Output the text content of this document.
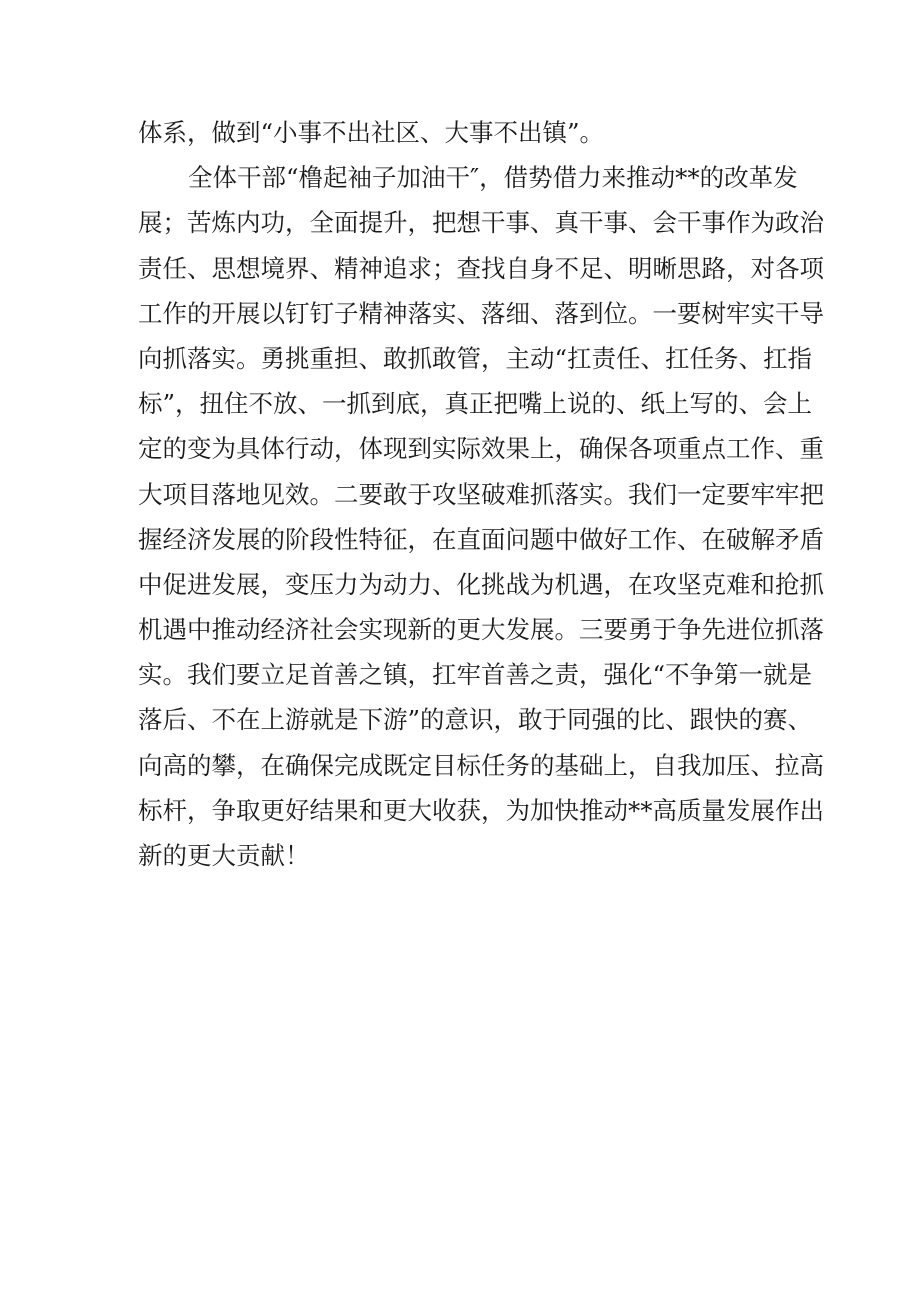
体系，做到“小事不出社区、大事不出镇”。
全体干部“橹起袖子加油干″，借势借力来推动**的改革发
展；苦炼内功，全面提升，把想干事、真干事、会干事作为政治
责任、思想境界、精神追求；查找自身不足、明晰思路，对各项
工作的开展以钉钉子精神落实、落细、落到位。一要树牢实干导
向抓落实。勇挑重担、敢抓敢管，主动“扛责任、扛任务、扛指
标”，扭住不放、一抓到底，真正把嘴上说的、纸上写的、会上
定的变为具体行动，体现到实际效果上，确保各项重点工作、重
大项目落地见效。二要敢于攻坚破难抓落实。我们一定要牢牢把
握经济发展的阶段性特征，在直面问题中做好工作、在破解矛盾
中促进发展，变压力为动力、化挑战为机遇，在攻坚克难和抢抓
机遇中推动经济社会实现新的更大发展。三要勇于争先进位抓落
实。我们要立足首善之镇，扛牢首善之责，强化“不争第一就是
落后、不在上游就是下游”的意识，敢于同强的比、跟快的赛、
向高的攀，在确保完成既定目标任务的基础上，自我加压、拉高
标杆，争取更好结果和更大收获，为加快推动**高质量发展作出
新的更大贡献！
